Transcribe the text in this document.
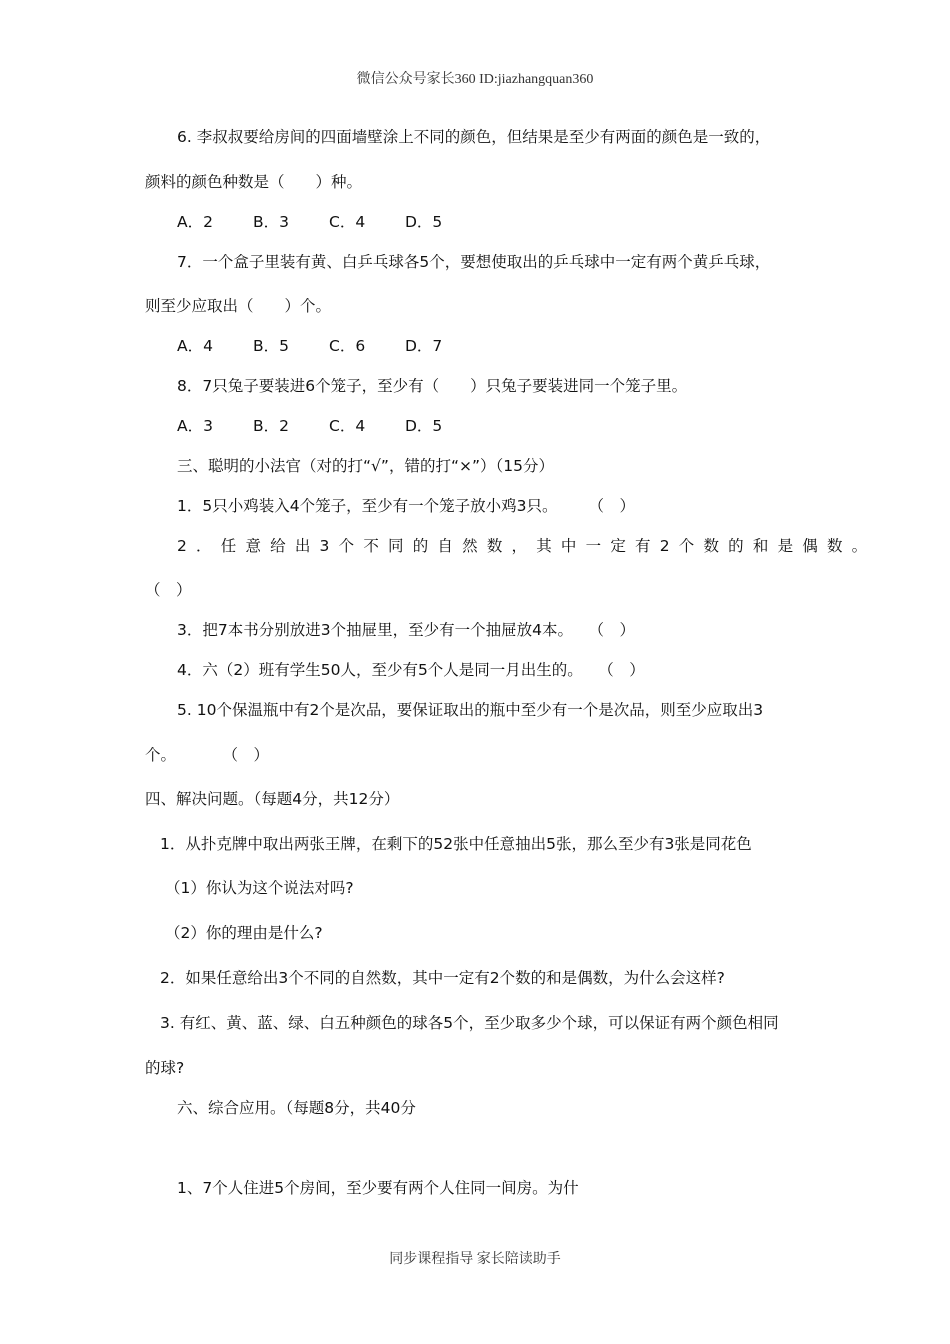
微信公众号家长360 ID:jiazhangquan360
6. 李叔叔要给房间的四面墙壁涂上不同的颜色，但结果是至少有两面的颜色是一致的，
颜料的颜色种数是（　　）种。
A．2	B．3	C．4	D．5
7．一个盒子里装有黄、白乒乓球各5个，要想使取出的乒乓球中一定有两个黄乒乓球，
则至少应取出（　　）个。
A．4	B．5	C．6	D．7
8．7只兔子要装进6个笼子，至少有（　　）只兔子要装进同一个笼子里。
A．3	B．2	C．4	D．5
三、聪明的小法官（对的打“√”，错的打“×”）（15分）
1．5只小鸡装入4个笼子，至少有一个笼子放小鸡3只。　　　（　）
2．任意给出3个不同的自然数，其中一定有2个数的和是偶数。
（　）
3．把7本书分别放进3个抽屉里，至少有一个抽屉放4本。　　（　）
4．六（2）班有学生50人，至少有5个人是同一月出生的。　　（　）
5. 10个保温瓶中有2个是次品，要保证取出的瓶中至少有一个是次品，则至少应取出3
个。　　　　（　）
四、解决问题。（每题4分，共12分）
1．从扑克牌中取出两张王牌，在剩下的52张中任意抽出5张，那么至少有3张是同花色
（1）你认为这个说法对吗?
（2）你的理由是什么?
2．如果任意给出3个不同的自然数，其中一定有2个数的和是偶数，为什么会这样?
3. 有红、黄、蓝、绿、白五种颜色的球各5个，至少取多少个球，可以保证有两个颜色相同
的球?
六、综合应用。（每题8分，共40分
1、7个人住进5个房间，至少要有两个人住同一间房。为什
同步课程指导 家长陪读助手
